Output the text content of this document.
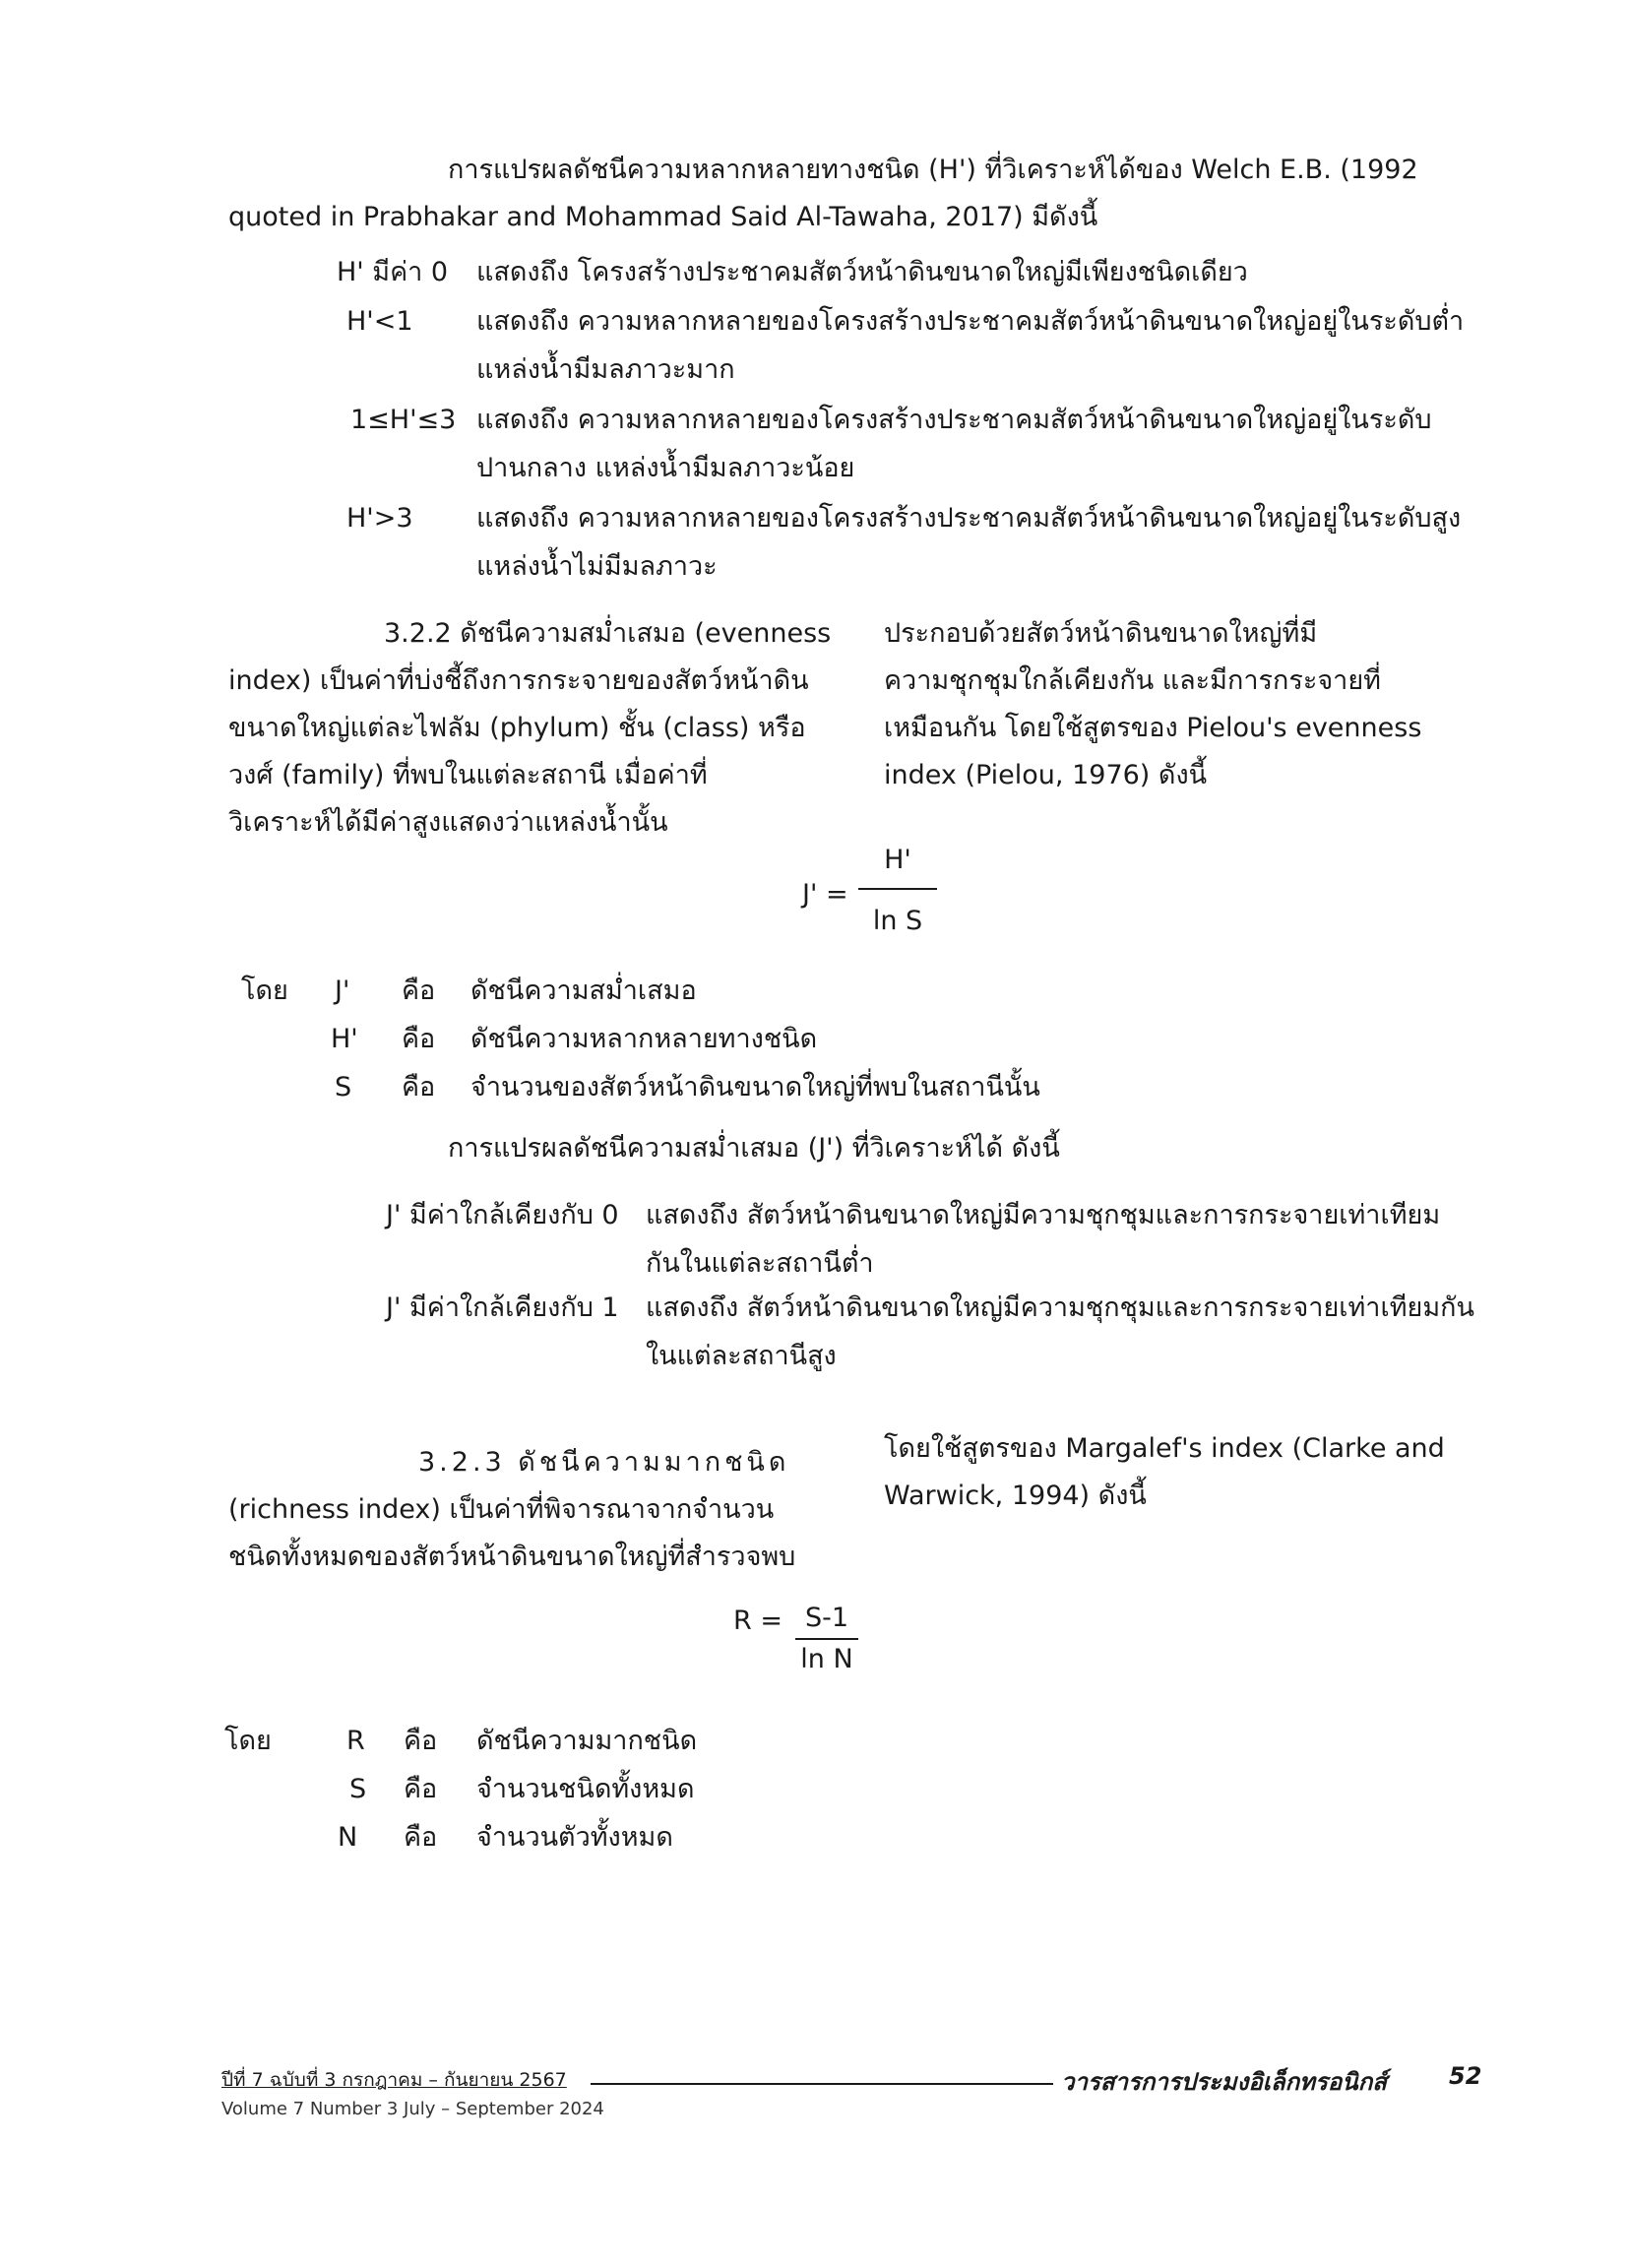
การแปรผลดัชนีความหลากหลายทางชนิด (H') ที่วิเคราะห์ได้ของ Welch E.B. (1992
quoted in Prabhakar and Mohammad Said Al-Tawaha, 2017) มีดังนี้
H' มีค่า 0 แสดงถึง โครงสร้างประชาคมสัตว์หน้าดินขนาดใหญ่มีเพียงชนิดเดียว
H'<1 แสดงถึง ความหลากหลายของโครงสร้างประชาคมสัตว์หน้าดินขนาดใหญ่อยู่ในระดับต่ำ
แหล่งน้ำมีมลภาวะมาก
1≤H'≤3 แสดงถึง ความหลากหลายของโครงสร้างประชาคมสัตว์หน้าดินขนาดใหญ่อยู่ในระดับ
ปานกลาง แหล่งน้ำมีมลภาวะน้อย
H'>3 แสดงถึง ความหลากหลายของโครงสร้างประชาคมสัตว์หน้าดินขนาดใหญ่อยู่ในระดับสูง
แหล่งน้ำไม่มีมลภาวะ
3.2.2 ดัชนีความสม่ำเสมอ (evenness
index) เป็นค่าที่บ่งชี้ถึงการกระจายของสัตว์หน้าดิน
ขนาดใหญ่แต่ละไฟลัม (phylum) ชั้น (class) หรือ
วงศ์ (family) ที่พบในแต่ละสถานี เมื่อค่าที่
วิเคราะห์ได้มีค่าสูงแสดงว่าแหล่งน้ำนั้น
ประกอบด้วยสัตว์หน้าดินขนาดใหญ่ที่มี
ความชุกชุมใกล้เคียงกัน และมีการกระจายที่
เหมือนกัน โดยใช้สูตรของ Pielou's evenness
index (Pielou, 1976) ดังนี้
J' =
H'
ln S
โดย J' คือ ดัชนีความสม่ำเสมอ
H' คือ ดัชนีความหลากหลายทางชนิด
S คือ จำนวนของสัตว์หน้าดินขนาดใหญ่ที่พบในสถานีนั้น
การแปรผลดัชนีความสม่ำเสมอ (J') ที่วิเคราะห์ได้ ดังนี้
J' มีค่าใกล้เคียงกับ 0 แสดงถึง สัตว์หน้าดินขนาดใหญ่มีความชุกชุมและการกระจายเท่าเทียม
กันในแต่ละสถานีต่ำ
J' มีค่าใกล้เคียงกับ 1 แสดงถึง สัตว์หน้าดินขนาดใหญ่มีความชุกชุมและการกระจายเท่าเทียมกัน
ในแต่ละสถานีสูง
3.2.3 ดัชนีความมากชนิด
(richness index) เป็นค่าที่พิจารณาจากจำนวน
ชนิดทั้งหมดของสัตว์หน้าดินขนาดใหญ่ที่สำรวจพบ
โดยใช้สูตรของ Margalef's index (Clarke and
Warwick, 1994) ดังนี้
R = S-1
ln N
โดย	R คือ ดัชนีความมากชนิด
S คือ จำนวนชนิดทั้งหมด
N คือ จำนวนตัวทั้งหมด
ปีที่ 7 ฉบับที่ 3 กรกฎาคม – กันยายน 2567	วารสารการประมงอิเล็กทรอนิกส์	52
Volume 7 Number 3 July – September 2024
